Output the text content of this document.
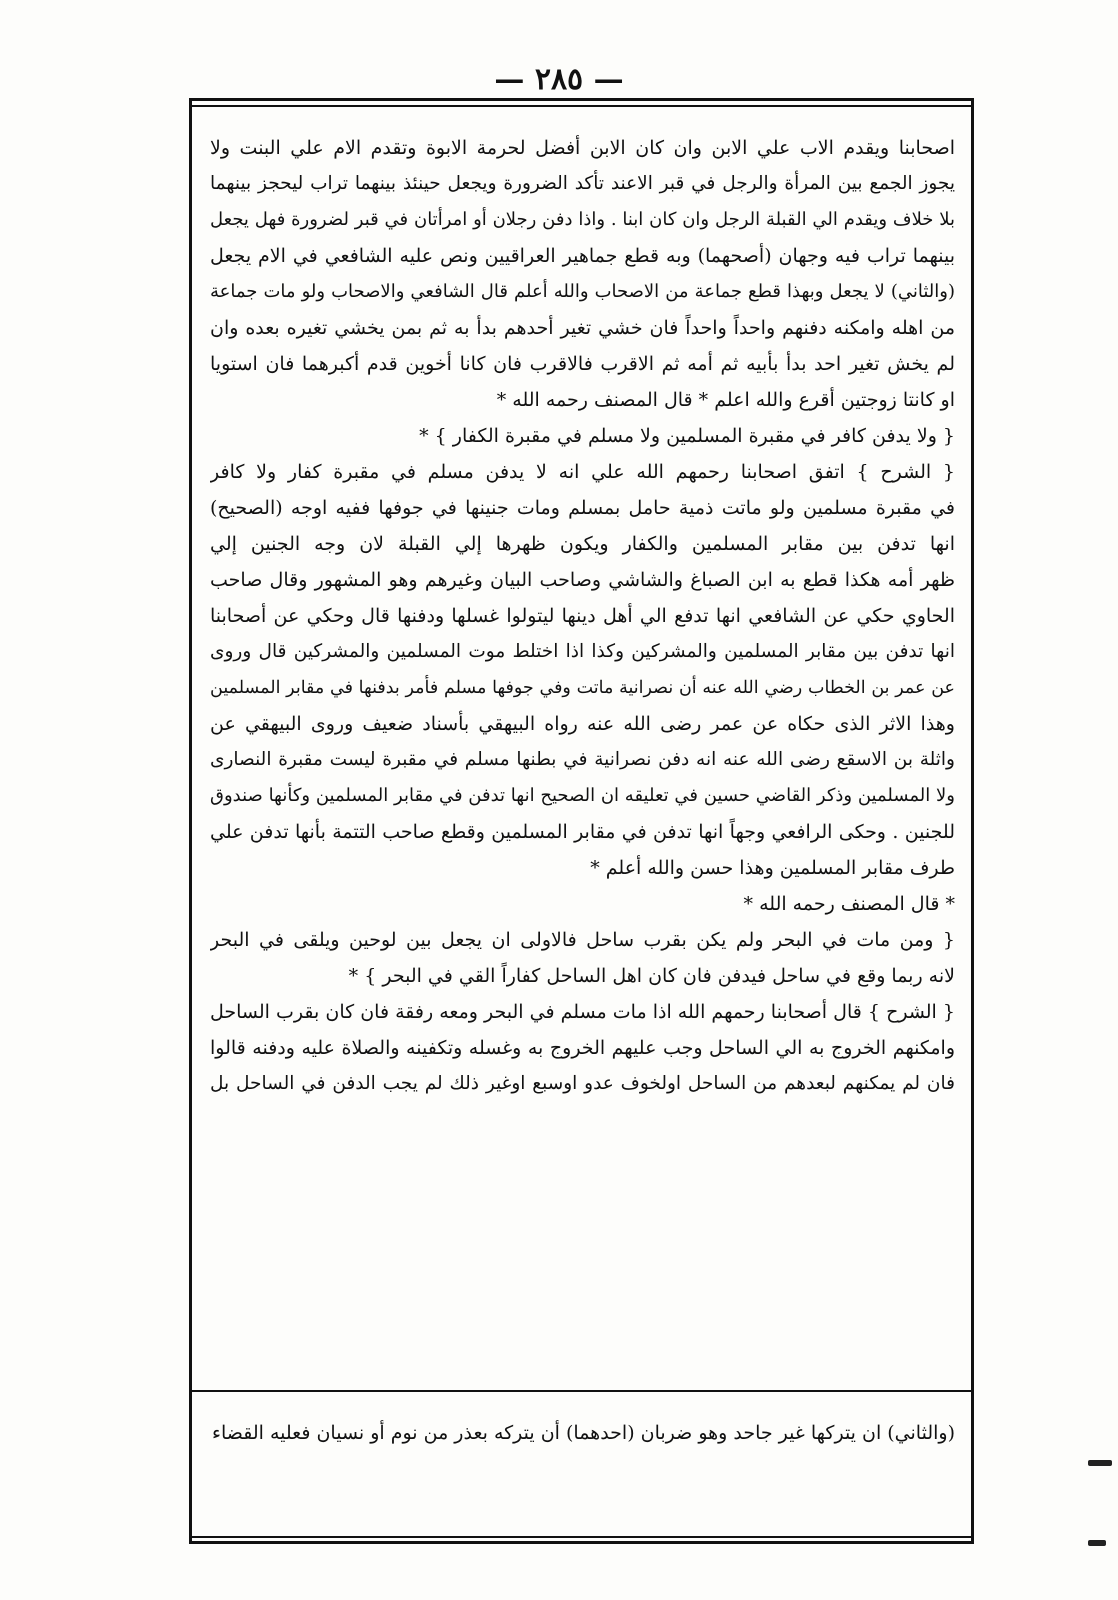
— ٢٨٥ —
اصحابنا ويقدم الاب علي الابن وان كان الابن أفضل لحرمة الابوة وتقدم الام علي البنت ولا
يجوز الجمع بين المرأة والرجل في قبر الاعند تأكد الضرورة ويجعل حينئذ بينهما تراب ليحجز بينهما
بلا خلاف ويقدم الي القبلة الرجل وان كان ابنا . واذا دفن رجلان أو امرأتان في قبر لضرورة فهل يجعل
بينهما تراب فيه وجهان (أصحهما) وبه قطع جماهير العراقيين ونص عليه الشافعي في الام يجعل
(والثاني) لا يجعل وبهذا قطع جماعة من الاصحاب والله أعلم قال الشافعي والاصحاب ولو مات جماعة
من اهله وامكنه دفنهم واحداً واحداً فان خشي تغير أحدهم بدأ به ثم بمن يخشي تغيره بعده وان
لم يخش تغير احد بدأ بأبيه ثم أمه ثم الاقرب فالاقرب فان كانا أخوين قدم أكبرهما فان استويا
او كانتا زوجتين أقرع والله اعلم * قال المصنف رحمه الله *
{ ولا يدفن كافر في مقبرة المسلمين ولا مسلم في مقبرة الكفار } *
{ الشرح } اتفق اصحابنا رحمهم الله علي انه لا يدفن مسلم في مقبرة كفار ولا كافر
في مقبرة مسلمين ولو ماتت ذمية حامل بمسلم ومات جنينها في جوفها ففيه اوجه (الصحيح)
انها تدفن بين مقابر المسلمين والكفار ويكون ظهرها إلي القبلة لان وجه الجنين إلي
ظهر أمه هكذا قطع به ابن الصباغ والشاشي وصاحب البيان وغيرهم وهو المشهور وقال صاحب
الحاوي حكي عن الشافعي انها تدفع الي أهل دينها ليتولوا غسلها ودفنها قال وحكي عن أصحابنا
انها تدفن بين مقابر المسلمين والمشركين وكذا اذا اختلط موت المسلمين والمشركين قال وروى
عن عمر بن الخطاب رضي الله عنه أن نصرانية ماتت وفي جوفها مسلم فأمر بدفنها في مقابر المسلمين
وهذا الاثر الذى حكاه عن عمر رضى الله عنه رواه البيهقي بأسناد ضعيف وروى البيهقي عن
واثلة بن الاسقع رضى الله عنه انه دفن نصرانية في بطنها مسلم في مقبرة ليست مقبرة النصارى
ولا المسلمين وذكر القاضي حسين في تعليقه ان الصحيح انها تدفن في مقابر المسلمين وكأنها صندوق
للجنين . وحكى الرافعي وجهاً انها تدفن في مقابر المسلمين وقطع صاحب التتمة بأنها تدفن علي
طرف مقابر المسلمين وهذا حسن والله أعلم *
* قال المصنف رحمه الله *
{ ومن مات في البحر ولم يكن بقرب ساحل فالاولى ان يجعل بين لوحين ويلقى في البحر
لانه ربما وقع في ساحل فيدفن فان كان اهل الساحل كفاراً القي في البحر } *
{ الشرح } قال أصحابنا رحمهم الله اذا مات مسلم في البحر ومعه رفقة فان كان بقرب الساحل
وامكنهم الخروج به الي الساحل وجب عليهم الخروج به وغسله وتكفينه والصلاة عليه ودفنه قالوا
فان لم يمكنهم لبعدهم من الساحل اولخوف عدو اوسبع اوغير ذلك لم يجب الدفن في الساحل بل
(والثاني) ان يتركها غير جاحد وهو ضربان (احدهما) أن يتركه بعذر من نوم أو نسيان فعليه القضاء
